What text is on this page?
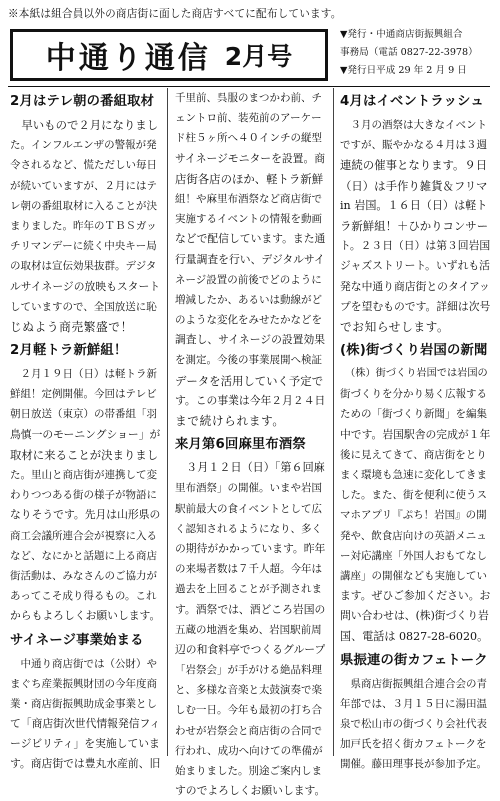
※本紙は組合員以外の商店街に面した商店すべてに配布しています。
中通り通信 2月号
▼発行・中通商店街振興組合
事務局（電話 0827-22-3978）
▼発行日平成 29 年 2 月 9 日
2月はテレ朝の番組取材
　早いもので２月になりまし
た。インフルエンザの警報が発
令されるなど、慌ただしい毎日
が続いていますが、２月にはテ
レ朝の番組取材に入ることが決
まりました。昨年のＴＢＳガッ
チリマンデーに続く中央キー局
の取材は宣伝効果抜群。デジタ
ルサイネージの放映もスタート
していますので、全国放送に恥
じぬよう商売繁盛で！
2月軽トラ新鮮組！
　２月１９日（日）は軽トラ新
鮮組！定例開催。今回はテレビ
朝日放送（東京）の帯番組「羽
鳥慎一のモーニングショー」が
取材に来ることが決まりまし
た。里山と商店街が連携して変
わりつつある街の様子が物語に
なりそうです。先月は山形県の
商工会議所連合会が視察に入る
など、なにかと話題に上る商店
街活動は、みなさんのご協力が
あってこそ成り得るもの。これ
からもよろしくお願いします。
サイネージ事業始まる
　中通り商店街では（公財）や
まぐち産業振興財団の今年度商
業・商店街振興助成金事業とし
て「商店街次世代情報発信フィ
ージビリティ」を実施していま
す。商店街では豊丸水産前、旧
千里前、呉服のまつかわ前、チ
ェントロ前、装苑前のアーケー
ド柱５ヶ所へ４０インチの縦型
サイネージモニターを設置。商
店街各店のほか、軽トラ新鮮
組！や麻里布酒祭など商店街で
実施するイベントの情報を動画
などで配信しています。また通
行量調査を行い、デジタルサイ
ネージ設置の前後でどのように
増減したか、あるいは動線がど
のような変化をみせたかなどを
調査し、サイネージの設置効果
を測定。今後の事業展開へ検証
データを活用していく予定で
す。この事業は今年２月２４日
まで続けられます。
来月第6回麻里布酒祭
　３月１２日（日）「第６回麻
里布酒祭」の開催。いまや岩国
駅前最大の食イベントとして広
く認知されるようになり、多く
の期待がかかっています。昨年
の来場者数は７千人超。今年は
過去を上回ることが予測されま
す。酒祭では、酒どころ岩国の
五蔵の地酒を集め、岩国駅前周
辺の和食料亭でつくるグループ
「岩祭会」が手がける絶品料理
と、多様な音楽と太鼓演奏で楽
しむ一日。今年も最初の打ち合
わせが岩祭会と商店街の合同で
行われ、成功へ向けての準備が
始まりました。別途ご案内しま
すのでよろしくお願いします。
4月はイベントラッシュ
　３月の酒祭は大きなイベント
ですが、賑やかなる４月は３週
連続の催事となります。９日
（日）は手作り雑貨＆フリマ
in 岩国。１６日（日）は軽ト
ラ新鮮組！＋ひかりコンサー
ト。２３日（日）は第３回岩国
ジャズストリート。いずれも活
発な中通り商店街とのタイアッ
プを望むものです。詳細は次号
でお知らせします。
(株)街づくり岩国の新聞
　（株）街づくり岩国では岩国の
街づくりを分かり易く広報する
ための「街づくり新聞」を編集
中です。岩国駅舎の完成が１年
後に見えてきて、商店街をとり
まく環境も急速に変化してきま
した。また、街を便利に使うス
マホアプリ『ぷち！岩国』の開
発や、飲食店向けの英語メニュ
ー対応講座「外国人おもてなし
講座」の開催なども実施してい
ます。ぜひご参加ください。お
問い合わせは、(株)街づくり岩
国、電話は 0827-28-6020。
県振連の街カフェトーク
　県商店街振興組合連合会の青
年部では、３月１５日に湯田温
泉で松山市の街づくり会社代表
加戸氏を招く街カフェトークを
開催。藤田理事長が参加予定。
